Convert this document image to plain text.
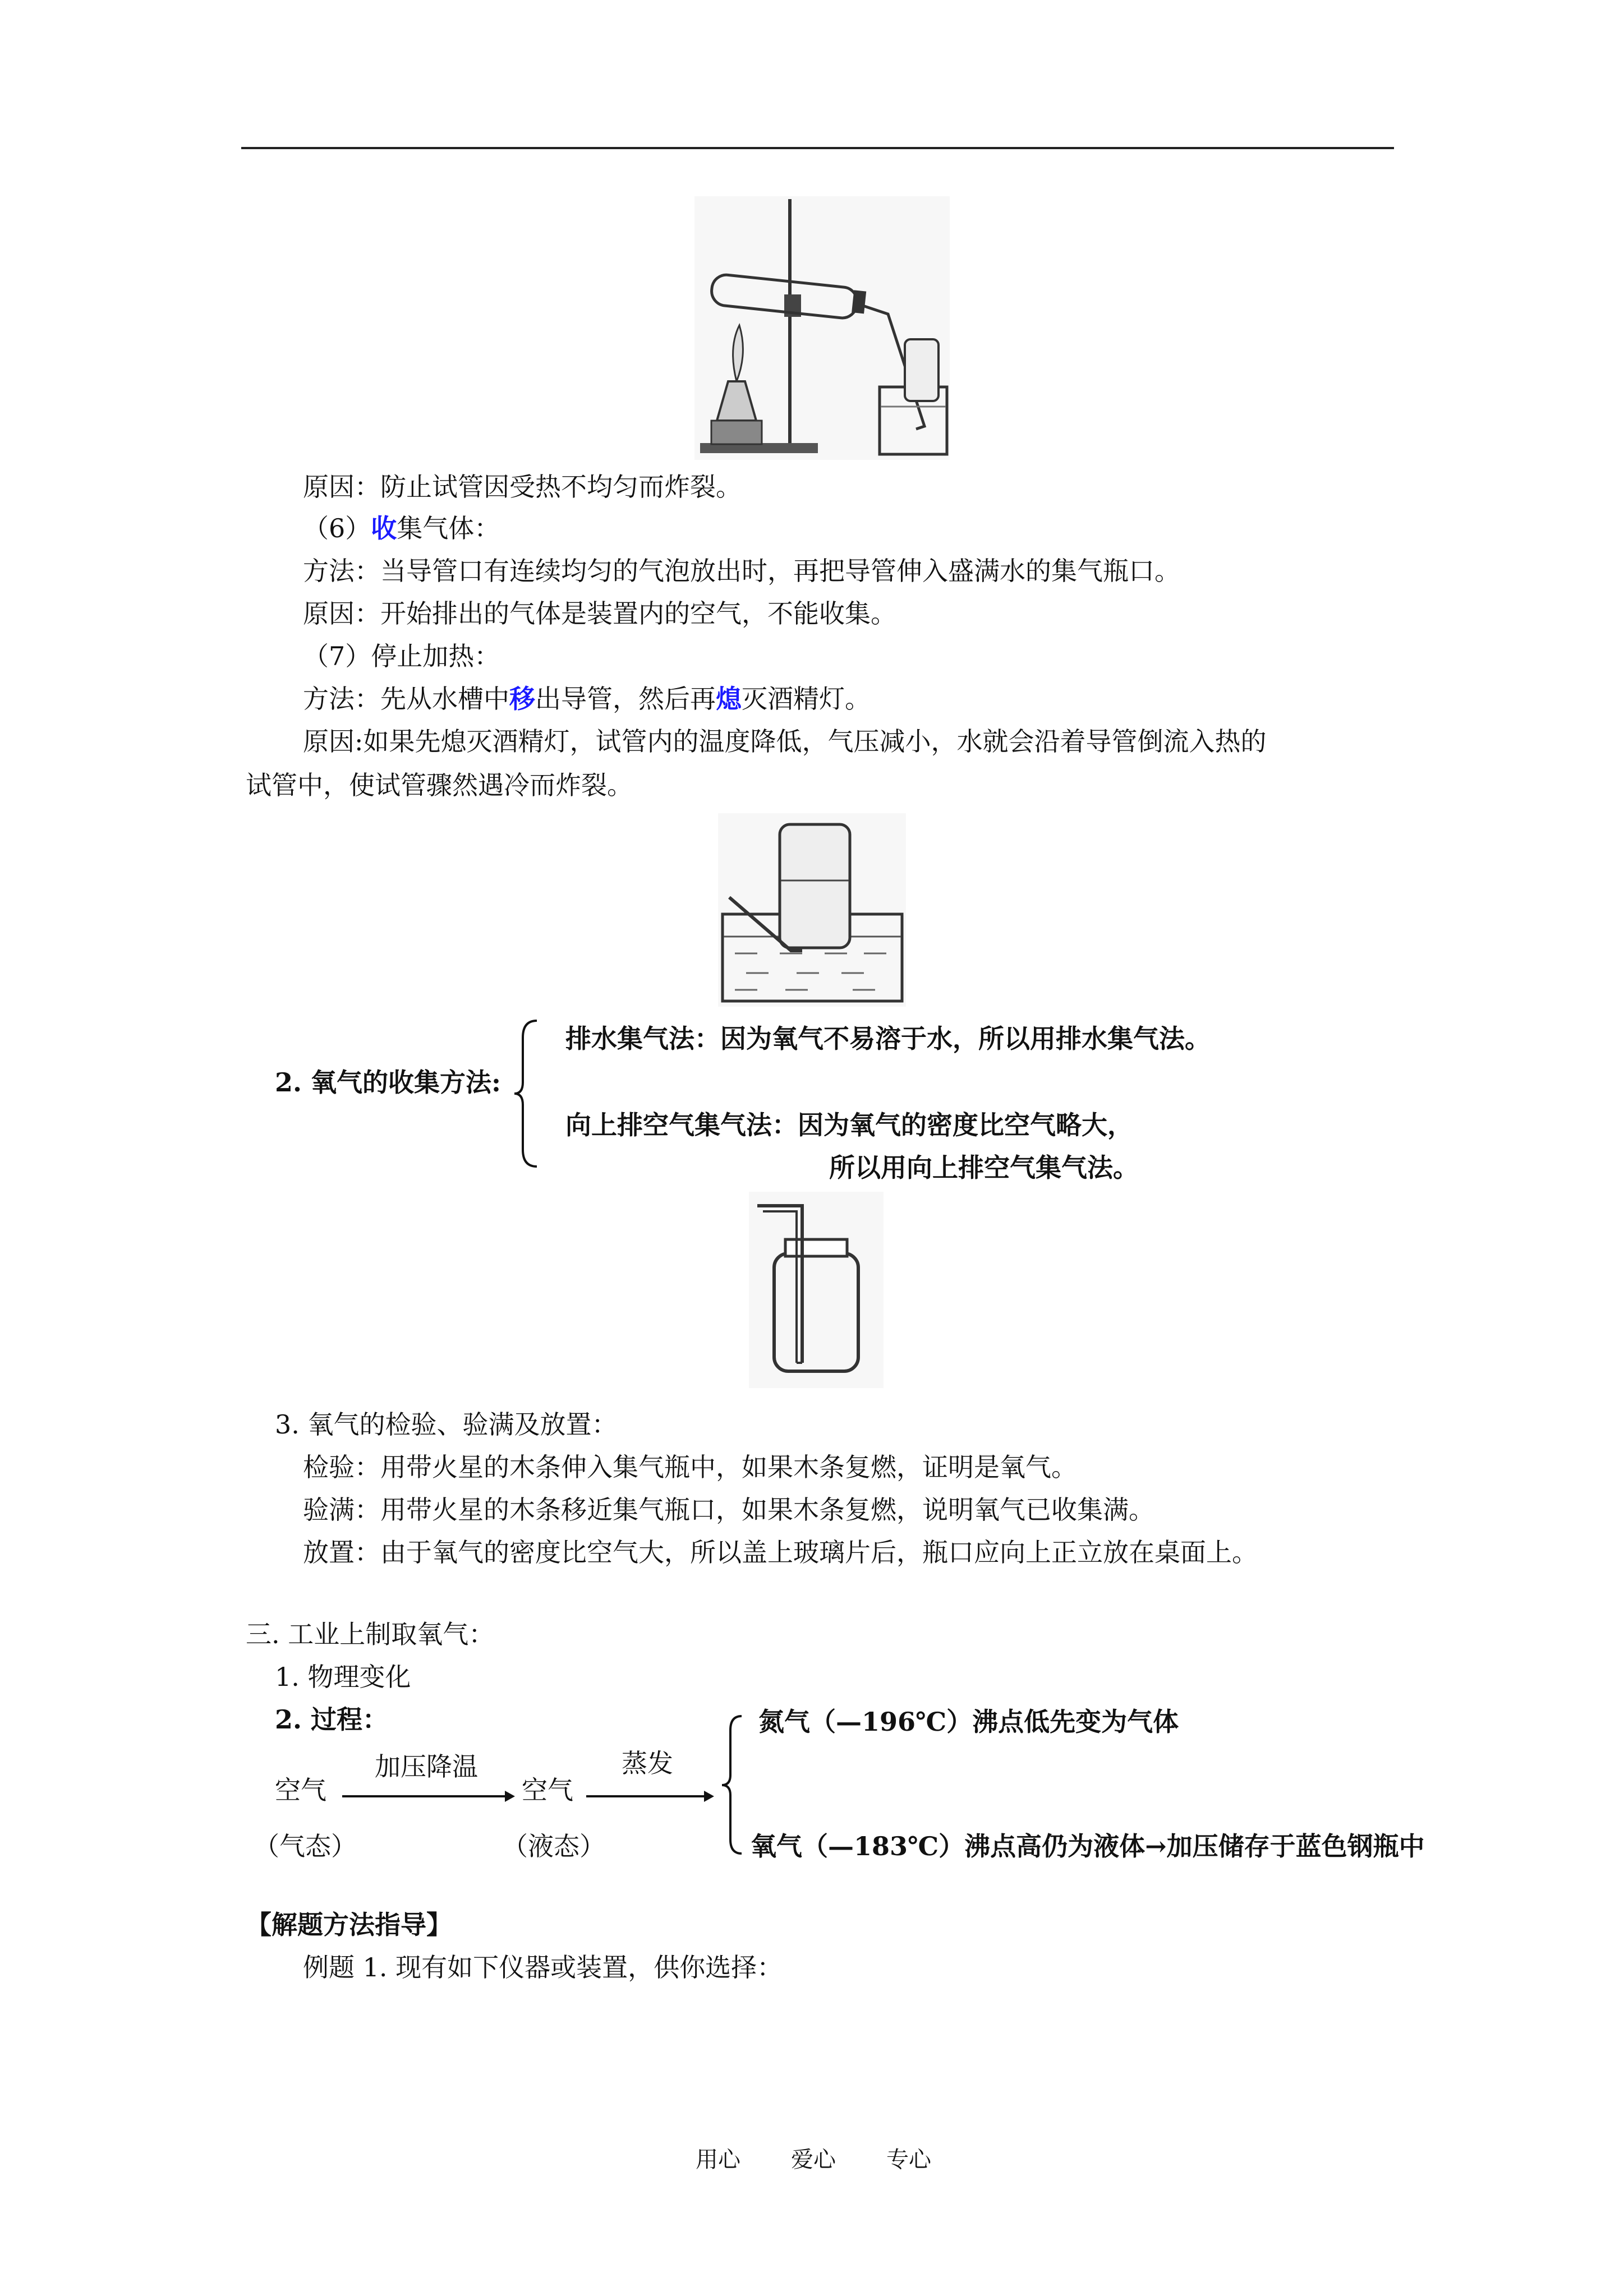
原因：防止试管因受热不均匀而炸裂。
（6）收集气体：
方法：当导管口有连续均匀的气泡放出时，再把导管伸入盛满水的集气瓶口。
原因：开始排出的气体是装置内的空气，不能收集。
（7）停止加热：
方法：先从水槽中移出导管，然后再熄灭酒精灯。
原因:如果先熄灭酒精灯，试管内的温度降低，气压减小，水就会沿着导管倒流入热的
试管中，使试管骤然遇冷而炸裂。
2. 氧气的收集方法:
排水集气法：因为氧气不易溶于水，所以用排水集气法。
向上排空气集气法：因为氧气的密度比空气略大，
所以用向上排空气集气法。
3. 氧气的检验、验满及放置：
检验：用带火星的木条伸入集气瓶中，如果木条复燃，证明是氧气。
验满：用带火星的木条移近集气瓶口，如果木条复燃，说明氧气已收集满。
放置：由于氧气的密度比空气大，所以盖上玻璃片后，瓶口应向上正立放在桌面上。
三. 工业上制取氧气：
1. 物理变化
2. 过程：
空气
（气态）
加压降温
空气
（液态）
蒸发
氮气（—196℃）沸点低先变为气体
氧气（—183℃）沸点高仍为液体→加压储存于蓝色钢瓶中
【解题方法指导】
例题 1. 现有如下仪器或装置，供你选择：
用心 爱心 专心
